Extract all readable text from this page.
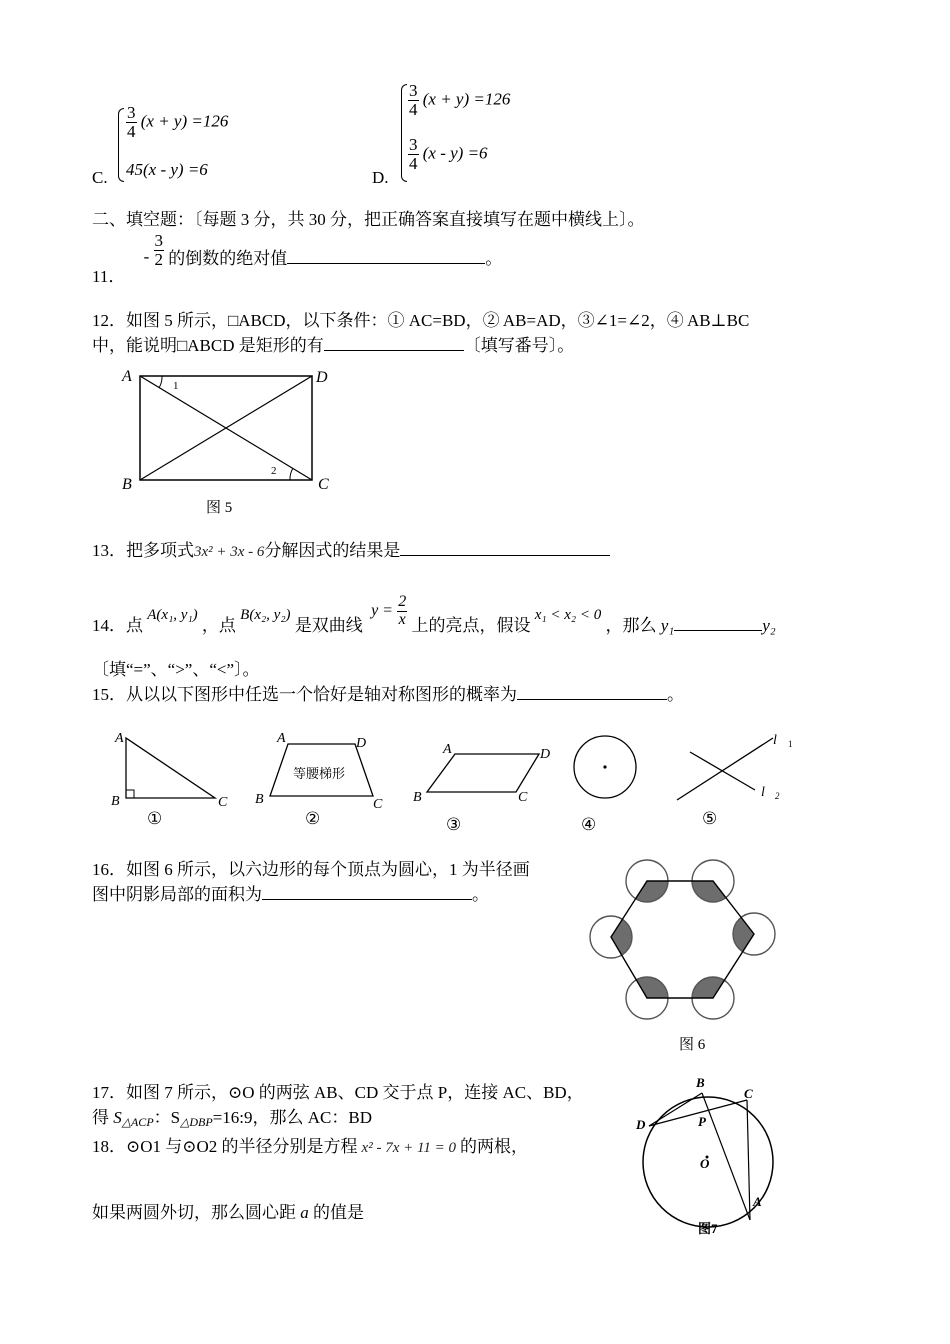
$\frac{3}{4} (x + y) =126$
45(x - y) =6
C.
$\frac{3}{4} (x + y) =126$
$\frac{3}{4} (x - y) =6$
D.
二、填空题：〔每题 3 分，共 30 分，把正确答案直接填写在题中横线上〕。
11． - $\frac{3}{2}$ 的倒数的绝对值	。
12．如图 5 所示，□ABCD，以下条件：① AC=BD，② AB=AD，③∠1=∠2，④ AB⊥BC
中，能说明□ABCD 是矩形的有	〔填写番号〕。
A	D
B	C
1
2
图 5
13．把多项式3x² + 3x - 6分解因式的结果是
14．点 A(x₁, y₁) ，点 B(x₂, y₂) 是双曲线 $y = \frac{2}{x}$ 上的亮点，假设 x₁ < x₂ < 0 ，那么 y₁	y₂
〔填“=”、“>”、“<”〕。
15．从以以下图形中任选一个恰好是轴对称图形的概率为	。
A
B	C
①
A	D
B	C
等腰梯形
②
A	D
B	C
③	④
l 1
l 2
⑤
16．如图 6 所示，以六边形的每个顶点为圆心，1 为半径画
图中阴影局部的面积为	。
图 6
17．如图 7 所示，⊙O 的两弦 AB、CD 交于点 P，连接 AC、BD，
得 S△ACP：S△DBP=16:9，那么 AC：BD
18．⊙O1 与⊙O2 的半径分别是方程 x² - 7x + 11 = 0 的两根，
如果两圆外切，那么圆心距 a 的值是
B
C
D	P
O
A
图7
